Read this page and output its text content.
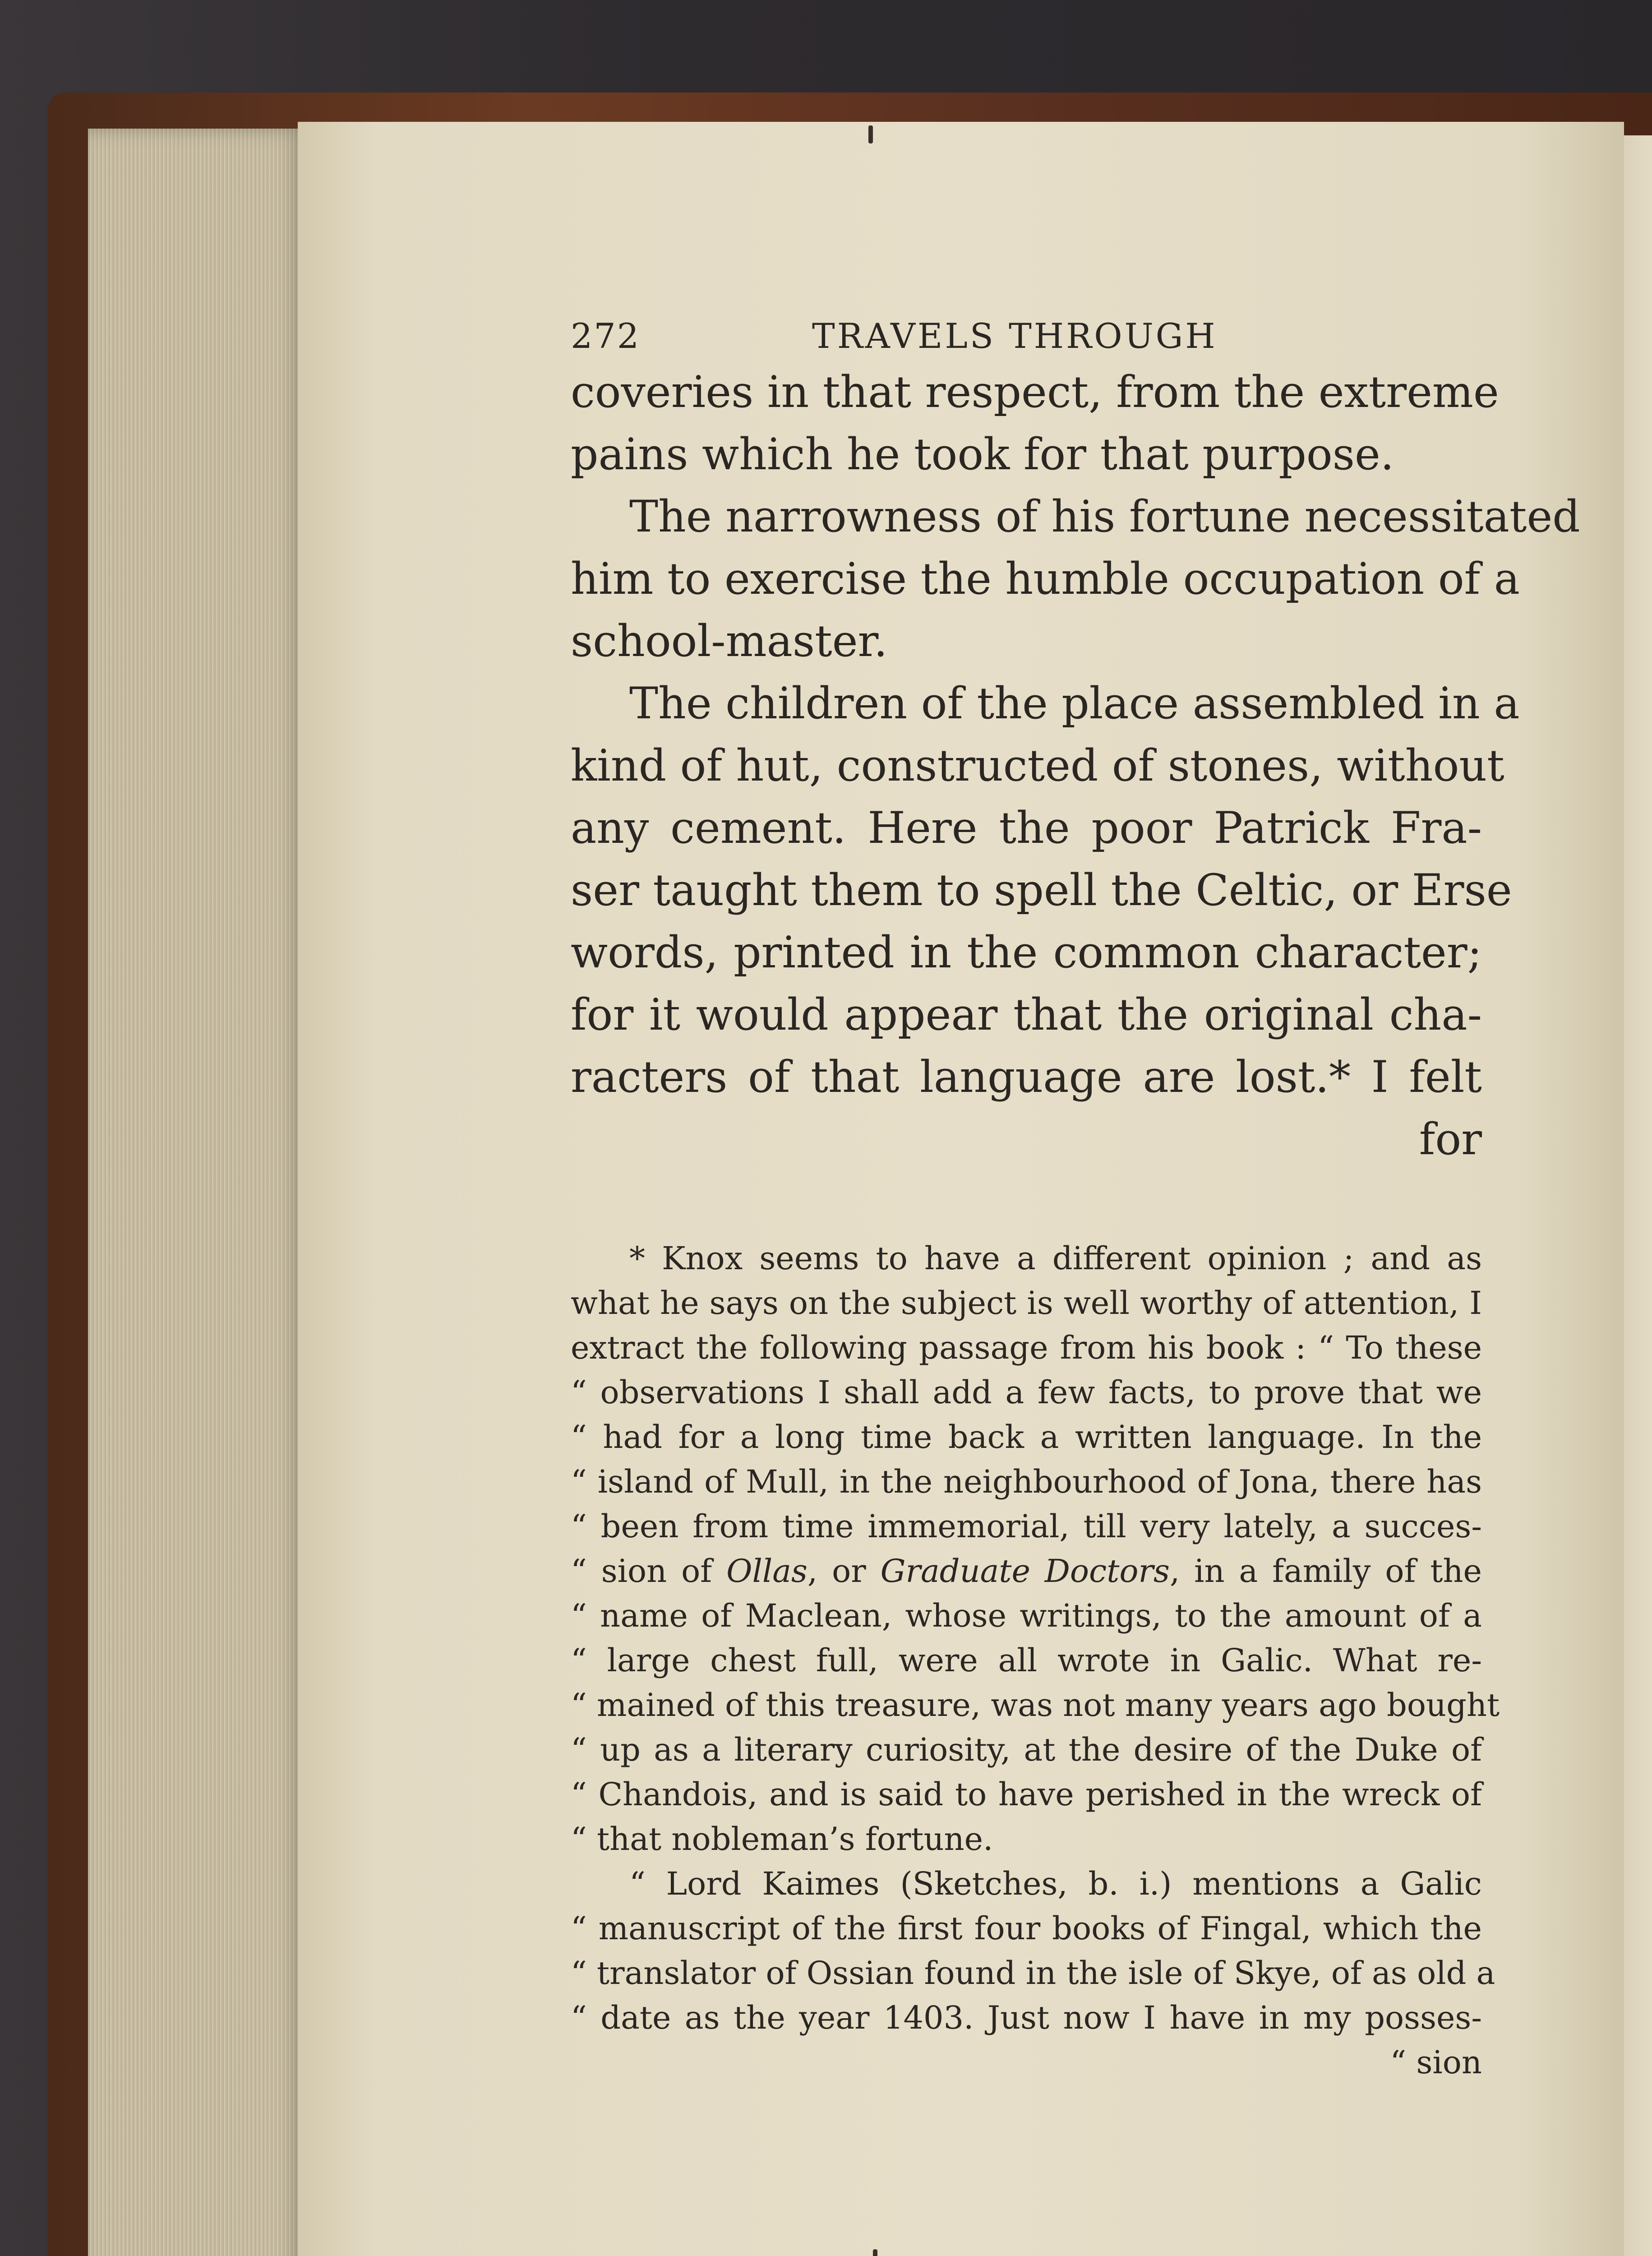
272	TRAVELS THROUGH
coveries in that respect, from the extreme
pains which he took for that purpose.
The narrowness of his fortune necessitated
him to exercise the humble occupation of a
school-master.
The children of the place assembled in a
kind of hut, constructed of stones, without
any cement. Here the poor Patrick Fra-
ser taught them to spell the Celtic, or Erse
words, printed in the common character;
for it would appear that the original cha-
racters of that language are lost.* I felt
for
* Knox seems to have a different opinion ; and as
what he says on the subject is well worthy of attention, I
extract the following passage from his book : “ To these
“ observations I shall add a few facts, to prove that we
“ had for a long time back a written language. In the
“ island of Mull, in the neighbourhood of Jona, there has
“ been from time immemorial, till very lately, a succes-
“ sion of Ollas, or Graduate Doctors, in a family of the
“ name of Maclean, whose writings, to the amount of a
“ large chest full, were all wrote in Galic. What re-
“ mained of this treasure, was not many years ago bought
“ up as a literary curiosity, at the desire of the Duke of
“ Chandois, and is said to have perished in the wreck of
“ that nobleman’s fortune.
“ Lord Kaimes (Sketches, b. i.) mentions a Galic
“ manuscript of the first four books of Fingal, which the
“ translator of Ossian found in the isle of Skye, of as old a
“ date as the year 1403. Just now I have in my posses-
“ sion
